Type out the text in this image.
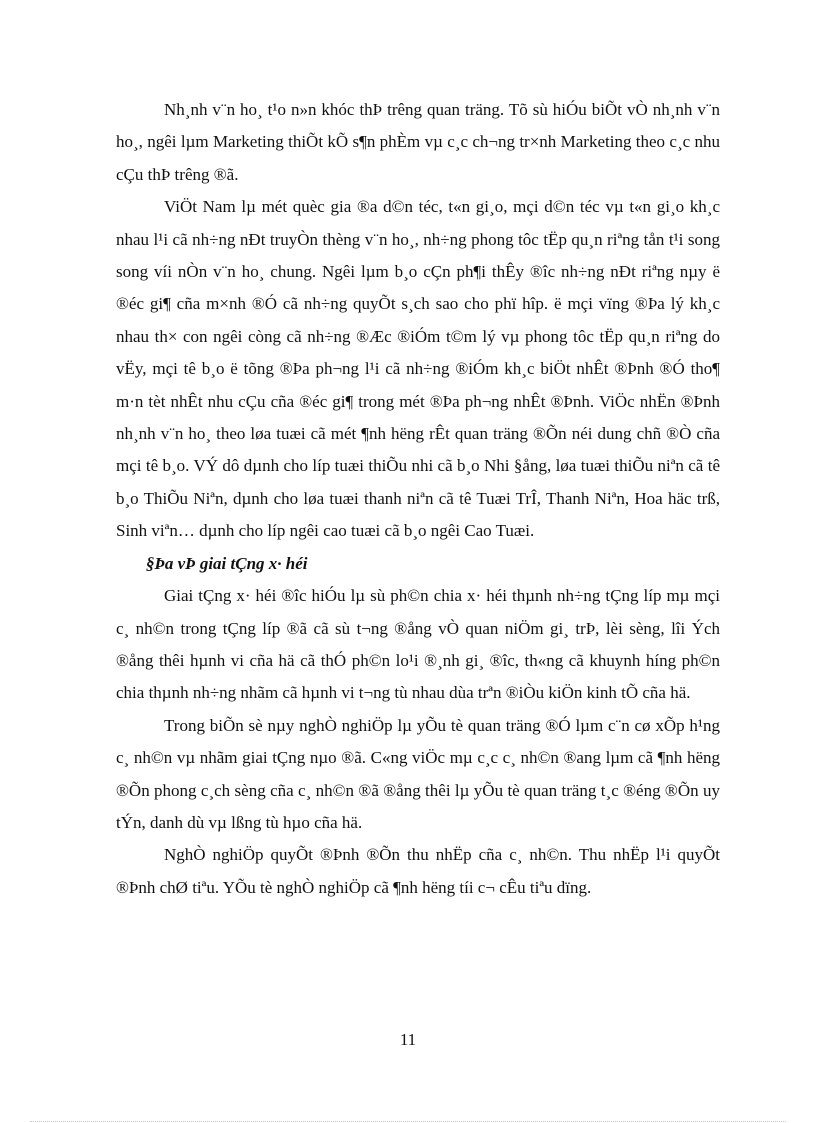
Nh¸nh v¨n ho¸ t¹o n»n khóc thÞ trêng quan träng. Tõ sù hiÓu biÕt vÒ nh¸nh v¨n ho¸, ngêi lµm Marketing thiÕt kÕ s¶n phÈm vµ c¸c ch¬ng tr×nh Marketing theo c¸c nhu cÇu thÞ trêng ®ã.

ViÖt Nam lµ mét quèc gia ®a d©n téc, t«n gi¸o, mçi d©n téc vµ t«n gi¸o kh¸c nhau l¹i cã nh÷ng nÐt truyÒn thèng v¨n ho¸, nh÷ng phong tôc tËp qu¸n riªng tån t¹i song song víi nÒn v¨n ho¸ chung. Ngêi lµm b¸o cÇn ph¶i thÊy ®îc nh÷ng nÐt riªng nµy ë ®éc gi¶ cña m×nh ®Ó cã nh÷ng quyÕt s¸ch sao cho phï hîp. ë mçi vïng ®Þa lý kh¸c nhau th× con ngêi còng cã nh÷ng ®Æc ®iÓm t©m lý vµ phong tôc tËp qu¸n riªng do vËy, mçi tê b¸o ë tõng ®Þa ph¬ng l¹i cã nh÷ng ®iÓm kh¸c biÖt nhÊt ®Þnh ®Ó tho¶ m·n tèt nhÊt nhu cÇu cña ®éc gi¶ trong mét ®Þa ph¬ng nhÊt ®Þnh. ViÖc nhËn ®Þnh nh¸nh v¨n ho¸ theo løa tuæi cã mét ¶nh hëng rÊt quan träng ®Õn néi dung chñ ®Ò cña mçi tê b¸o. VÝ dô dµnh cho líp tuæi thiÕu nhi cã b¸o Nhi §ång, løa tuæi thiÕu niªn cã tê b¸o ThiÕu Niªn, dµnh cho løa tuæi thanh niªn cã tê Tuæi TrÎ, Thanh Niªn, Hoa häc trß, Sinh viªn… dµnh cho líp ngêi cao tuæi cã b¸o ngêi Cao Tuæi.

§Þa vÞ giai tÇng x· héi

Giai tÇng x· héi ®îc hiÓu lµ sù ph©n chia x· héi thµnh nh÷ng tÇng líp mµ mçi c¸ nh©n trong tÇng líp ®ã cã sù t¬ng ®ång vÒ quan niÖm gi¸ trÞ, lèi sèng, lîi Ých ®ång thêi hµnh vi cña hä cã thÓ ph©n lo¹i ®¸nh gi¸ ®îc, th«ng cã khuynh híng ph©n chia thµnh nh÷ng nhãm cã hµnh vi t¬ng tù nhau dùa trªn ®iÒu kiÖn kinh tÕ cña hä.

Trong biÕn sè nµy nghÒ nghiÖp lµ yÕu tè quan träng ®Ó lµm c¨n cø xÕp h¹ng c¸ nh©n vµ nhãm giai tÇng nµo ®ã. C«ng viÖc mµ c¸c c¸ nh©n ®ang lµm cã ¶nh hëng ®Õn phong c¸ch sèng cña c¸ nh©n ®ã ®ång thêi lµ yÕu tè quan träng t¸c ®éng ®Õn uy tÝn, danh dù vµ lßng tù hµo cña hä.

NghÒ nghiÖp quyÕt ®Þnh ®Õn thu nhËp cña c¸ nh©n. Thu nhËp l¹i quyÕt ®Þnh chØ tiªu. YÕu tè nghÒ nghiÖp cã ¶nh hëng tíi c¬ cÊu tiªu dïng.

11
